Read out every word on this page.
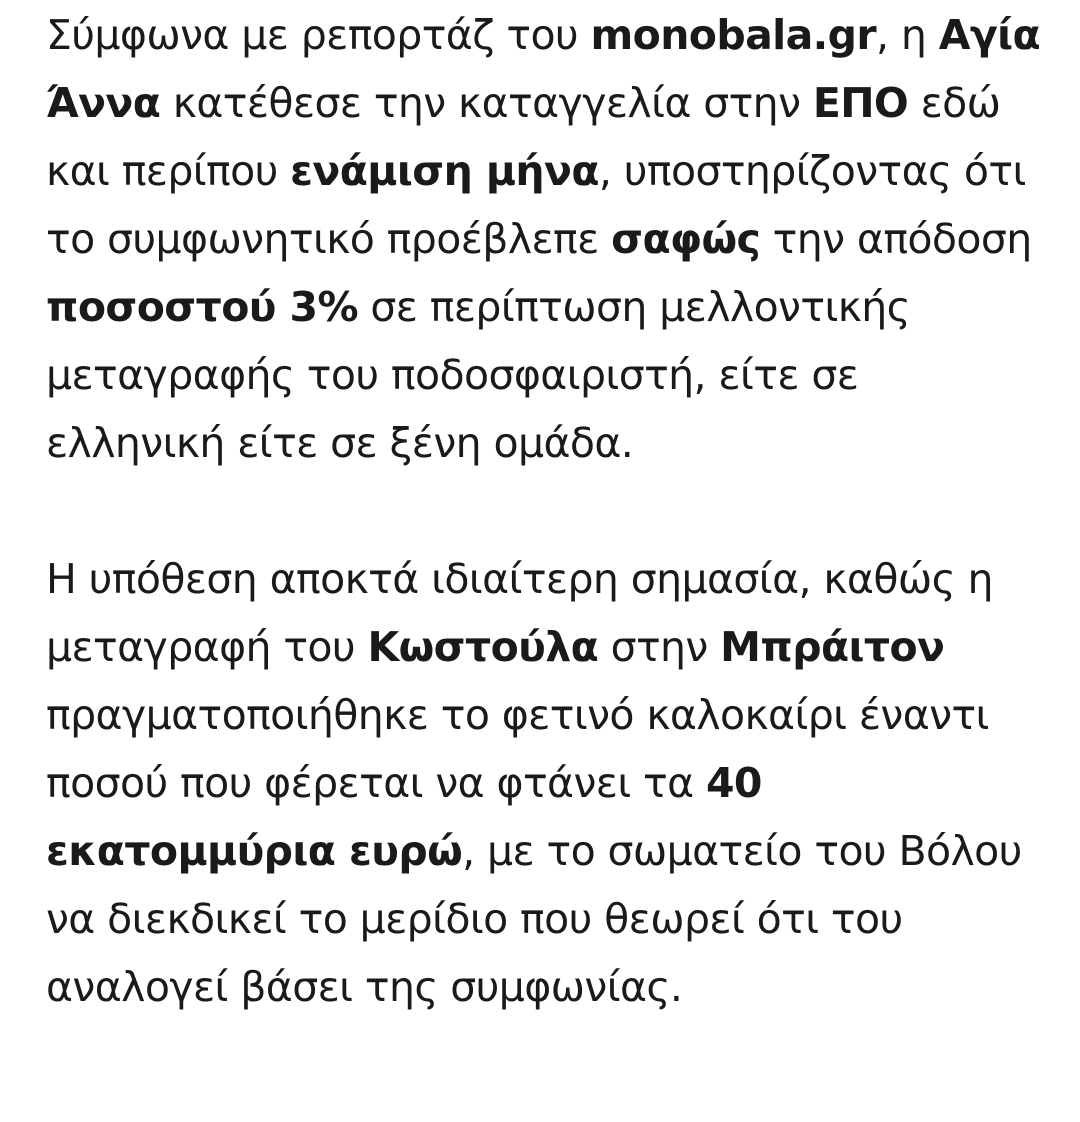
Σύμφωνα με ρεπορτάζ του monobala.gr, η Αγία Άννα κατέθεσε την καταγγελία στην ΕΠΟ εδώ και περίπου ενάμιση μήνα, υποστηρίζοντας ότι το συμφωνητικό προέβλεπε σαφώς την απόδοση ποσοστού 3% σε περίπτωση μελλοντικής μεταγραφής του ποδοσφαιριστή, είτε σε ελληνική είτε σε ξένη ομάδα.

Η υπόθεση αποκτά ιδιαίτερη σημασία, καθώς η μεταγραφή του Κωστούλα στην Μπράιτον πραγματοποιήθηκε το φετινό καλοκαίρι έναντι ποσού που φέρεται να φτάνει τα 40 εκατομμύρια ευρώ, με το σωματείο του Βόλου να διεκδικεί το μερίδιο που θεωρεί ότι του αναλογεί βάσει της συμφωνίας.
